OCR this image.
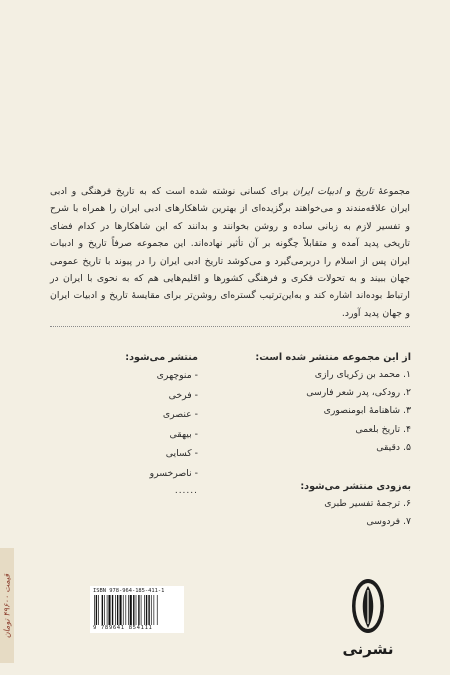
مجموعهٔ تاریخ و ادبیات ایران برای کسانی نوشته شده است که به تاریخ فرهنگی و ادبی ایران علاقه‌مندند و می‌خواهند برگزیده‌ای از بهترین شاهکارهای ادبی ایران را همراه با شرح و تفسیر لازم به زبانی ساده و روشن بخوانند و بدانند که این شاهکارها در کدام فضای تاریخی پدید آمده و متقابلاً چگونه بر آن تأثیر نهاده‌اند. این مجموعه صرفاً تاریخ و ادبیات ایران پس از اسلام را دربرمی‌گیرد و می‌کوشد تاریخ ادبی ایران را در پیوند با تاریخ عمومی جهان ببیند و به تحولات فکری و فرهنگی کشورها و اقلیم‌هایی هم که به نحوی با ایران در ارتباط بوده‌اند اشاره کند و به‌این‌ترتیب گستره‌ای روشن‌تر برای مقایسهٔ تاریخ و ادبیات ایران و جهان پدید آورد.
از این مجموعه منتشر شده است:
۱. محمد بن زکریای رازی
۲. رودکی، پدر شعر فارسی
۳. شاهنامهٔ ابومنصوری
۴. تاریخ بلعمی
۵. دقیقی
به‌زودی منتشر می‌شود:
۶. ترجمهٔ تفسیر طبری
۷. فردوسی
منتشر می‌شود:
- منوچهری
- فرخی
- عنصری
- بیهقی
- کسایی
- ناصرخسرو
......
ISBN 978-964-185-411-1
9 789641 854111
قیمت ۴۹۶۰۰ تومان
نشرنی
